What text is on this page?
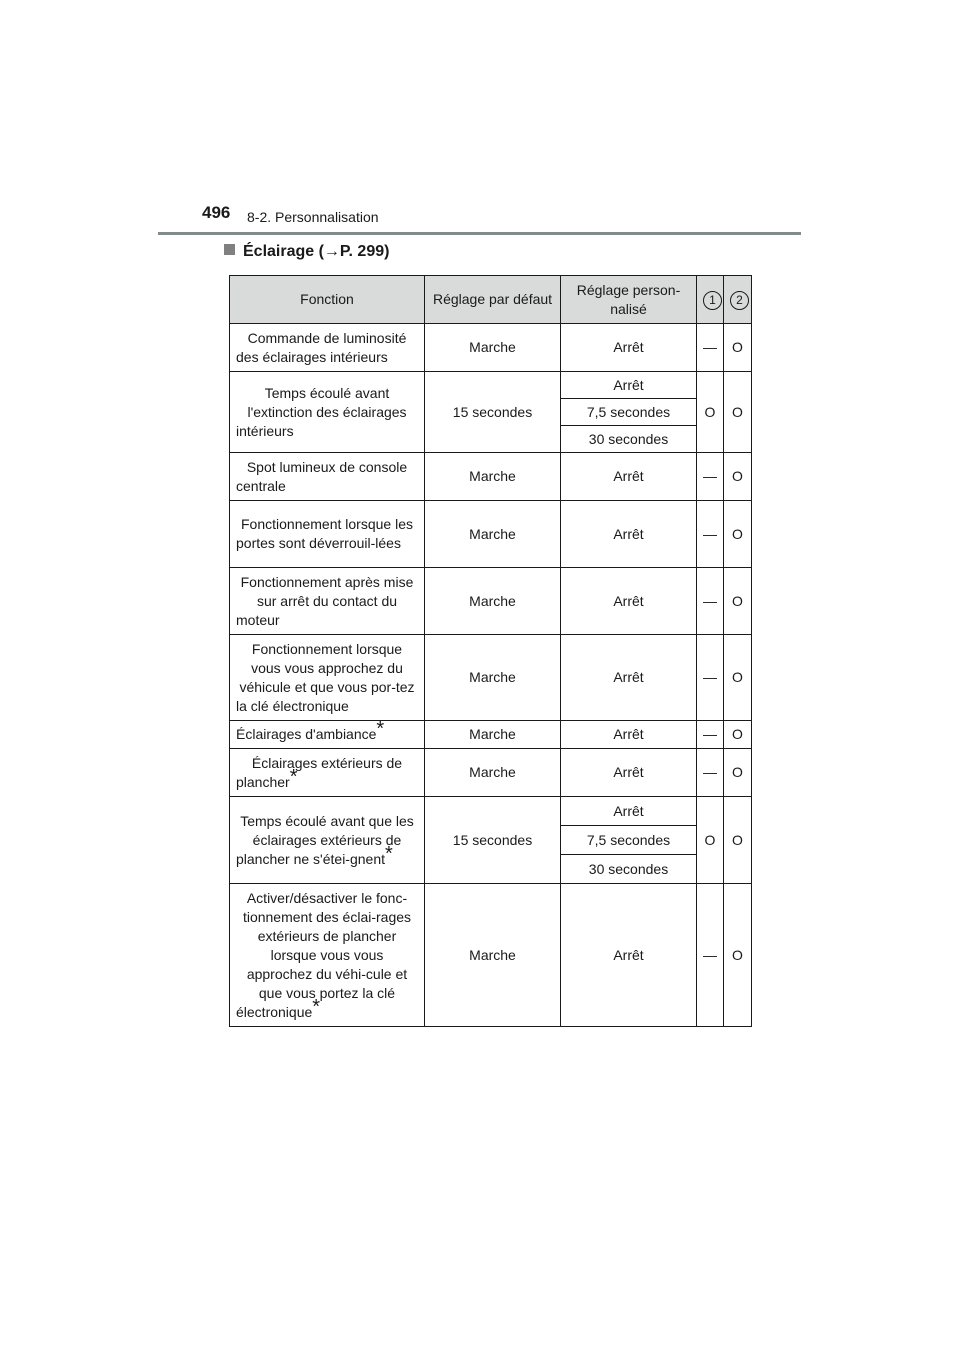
496 8-2. Personnalisation
Éclairage (→P. 299)
Fonction	Réglage par défaut	Réglage person-nalisé	1	2
Commande de luminosité des éclairages intérieurs	Marche	Arrêt	—	O
Temps écoulé avant l'extinction des éclairages intérieurs	15 secondes	Arrêt	O	O
		7,5 secondes		
		30 secondes		
Spot lumineux de console centrale	Marche	Arrêt	—	O
Fonctionnement lorsque les portes sont déverrouil-lées	Marche	Arrêt	—	O
Fonctionnement après mise sur arrêt du contact du moteur	Marche	Arrêt	—	O
Fonctionnement lorsque vous vous approchez du véhicule et que vous por-tez la clé électronique	Marche	Arrêt	—	O
Éclairages d'ambiance*	Marche	Arrêt	—	O
Éclairages extérieurs de plancher*	Marche	Arrêt	—	O
Temps écoulé avant que les éclairages extérieurs de plancher ne s'étei-gnent*	15 secondes	Arrêt	O	O
		7,5 secondes		
		30 secondes		
Activer/désactiver le fonc-tionnement des éclai-rages extérieurs de plancher lorsque vous vous approchez du véhi-cule et que vous portez la clé électronique*	Marche	Arrêt	—	O
